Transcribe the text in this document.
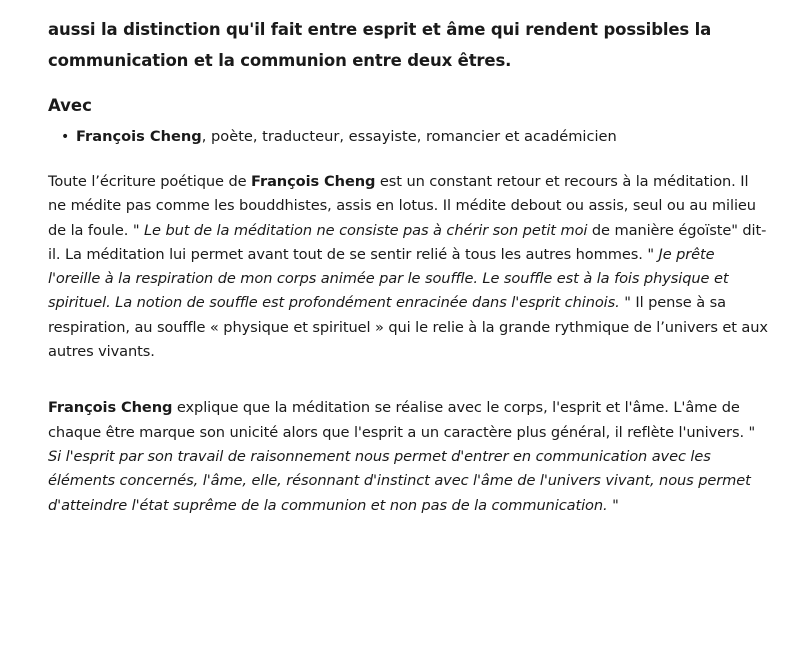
aussi la distinction qu'il fait entre esprit et âme qui rendent possibles la
communication et la communion entre deux êtres.

Avec
• François Cheng, poète, traducteur, essayiste, romancier et académicien

Toute l’écriture poétique de François Cheng est un constant retour et recours à la méditation. Il ne médite pas comme les bouddhistes, assis en lotus. Il médite debout ou assis, seul ou au milieu de la foule. " Le but de la méditation ne consiste pas à chérir son petit moi de manière égoïste" dit-il. La méditation lui permet avant tout de se sentir relié à tous les autres hommes. " Je prête l'oreille à la respiration de mon corps animée par le souffle. Le souffle est à la fois physique et spirituel. La notion de souffle est profondément enracinée dans l'esprit chinois. " Il pense à sa respiration, au souffle « physique et spirituel » qui le relie à la grande rythmique de l’univers et aux autres vivants.

François Cheng explique que la méditation se réalise avec le corps, l'esprit et l'âme. L'âme de chaque être marque son unicité alors que l'esprit a un caractère plus général, il reflète l'univers. " Si l'esprit par son travail de raisonnement nous permet d'entrer en communication avec les éléments concernés, l'âme, elle, résonnant d'instinct avec l'âme de l'univers vivant, nous permet d'atteindre l'état suprême de la communion et non pas de la communication. "
